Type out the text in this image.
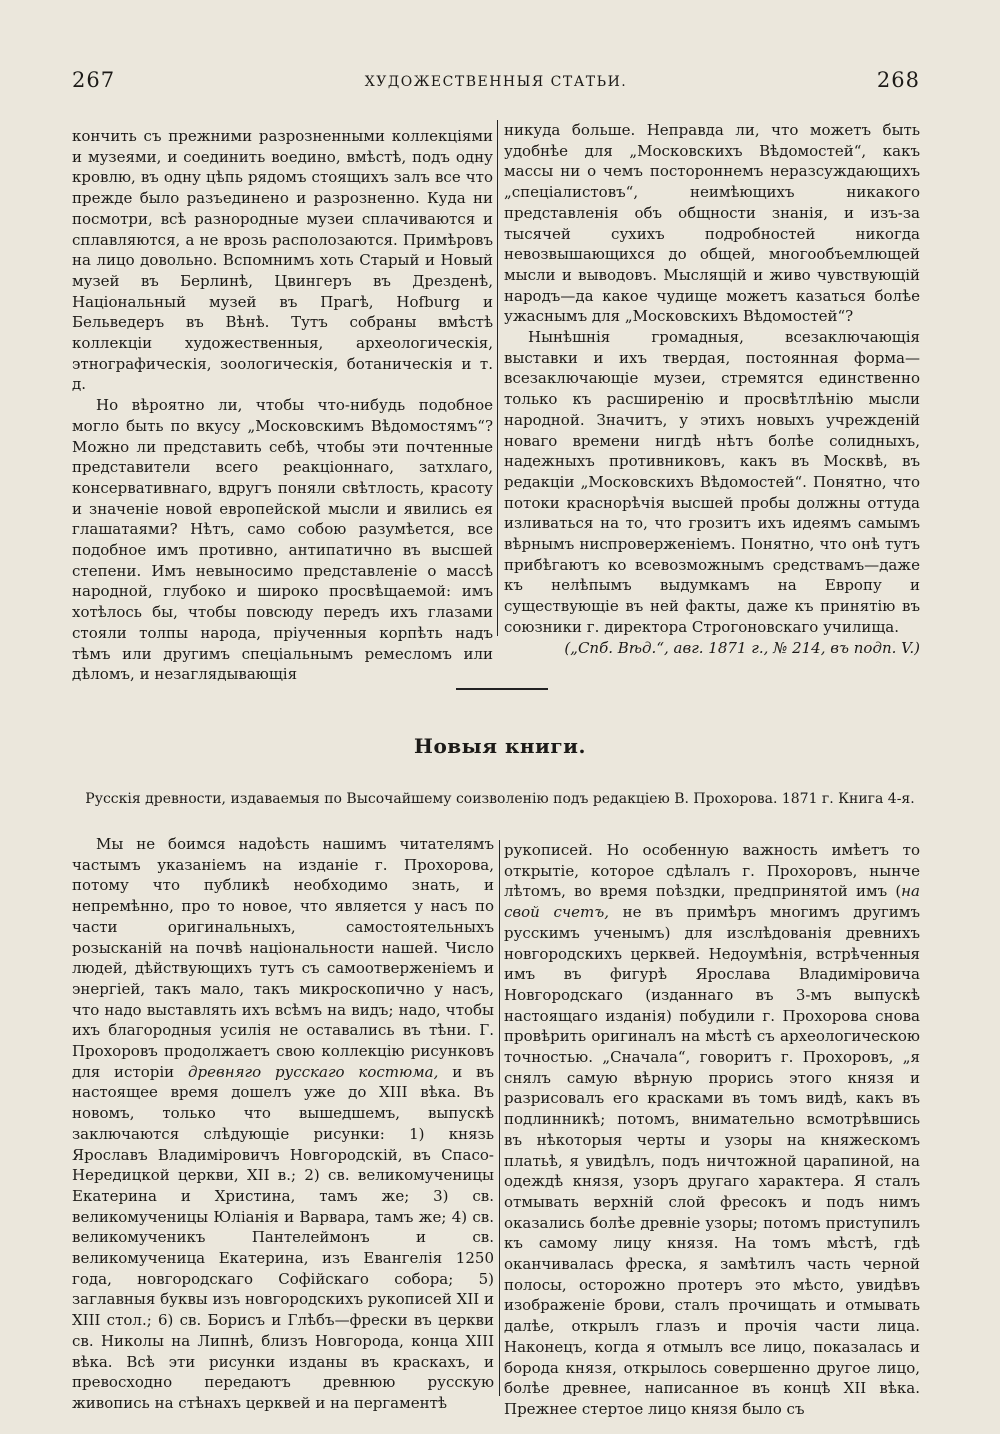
267	ХУДОЖЕСТВЕННЫЯ СТАТЬИ.	268

кончить съ прежними разрозненными коллекціями и музеями, и соединить воедино, вмѣстѣ, подъ одну кровлю, въ одну цѣпь рядомъ стоящихъ залъ все что прежде было разъединено и разрозненно. Куда ни посмотри, всѣ разнородные музеи сплачиваются и сплавляются, а не врозь располозаются. Примѣровъ на лицо довольно. Вспомнимъ хоть Старый и Новый музей въ Берлинѣ, Цвингеръ въ Дрезденѣ, Національный музей въ Прагѣ, Hofburg и Бельведеръ въ Вѣнѣ. Тутъ собраны вмѣстѣ коллекціи художественныя, археологическія, этнографическія, зоологическія, ботаническія и т. д.

Но вѣроятно ли, чтобы что-нибудь подобное могло быть по вкусу „Московскимъ Вѣдомостямъ“? Можно ли представить себѣ, чтобы эти почтенные представители всего реакціоннаго, затхлаго, консервативнаго, вдругъ поняли свѣтлость, красоту и значеніе новой европейской мысли и явились ея глашатаями? Нѣтъ, само собою разумѣется, все подобное имъ противно, антипатично въ высшей степени. Имъ невыносимо представленіе о массѣ народной, глубоко и широко просвѣщаемой: имъ хотѣлось бы, чтобы повсюду передъ ихъ глазами стояли толпы народа, пріученныя корпѣть надъ тѣмъ или другимъ спеціальнымъ ремесломъ или дѣломъ, и незаглядывающія

никуда больше. Неправда ли, что можетъ быть удобнѣе для „Московскихъ Вѣдомостей“, какъ массы ни о чемъ постороннемъ неразсуждающихъ „спеціалистовъ“, неимѣющихъ никакого представленія объ общности знанія, и изъ-за тысячей сухихъ подробностей никогда невозвышающихся до общей, многообъемлющей мысли и выводовъ. Мыслящій и живо чувствующій народъ—да какое чудище можетъ казаться болѣе ужаснымъ для „Московскихъ Вѣдомостей“?

Нынѣшнія громадныя, всезаключающія выставки и ихъ твердая, постоянная форма—всезаключающіе музеи, стремятся единственно только къ расширенію и просвѣтлѣнію мысли народной. Значитъ, у этихъ новыхъ учрежденій новаго времени нигдѣ нѣтъ болѣе солидныхъ, надежныхъ противниковъ, какъ въ Москвѣ, въ редакціи „Московскихъ Вѣдомостей“. Понятно, что потоки краснорѣчія высшей пробы должны оттуда изливаться на то, что грозитъ ихъ идеямъ самымъ вѣрнымъ ниспроверженіемъ. Понятно, что онѣ тутъ прибѣгаютъ ко всевозможнымъ средствамъ—даже къ нелѣпымъ выдумкамъ на Европу и существующіе въ ней факты, даже къ принятію въ союзники г. директора Строгоновскаго училища.

(„Спб. Вѣд.“, авг. 1871 г., № 214, въ подп. V.)

Новыя книги.
Русскія древности, издаваемыя по Высочайшему соизволенію подъ редакціею В. Прохорова. 1871 г. Книга 4-я.

Мы не боимся надоѣсть нашимъ читателямъ частымъ указаніемъ на изданіе г. Прохорова, потому что публикѣ необходимо знать, и непремѣнно, про то новое, что является у насъ по части оригинальныхъ, самостоятельныхъ розысканій на почвѣ національности нашей. Число людей, дѣйствующихъ тутъ съ самоотверженіемъ и энергіей, такъ мало, такъ микроскопично у насъ, что надо выставлять ихъ всѣмъ на видъ; надо, чтобы ихъ благородныя усилія не оставались въ тѣни. Г. Прохоровъ продолжаетъ свою коллекцію рисунковъ для исторіи древняго русскаго костюма, и въ настоящее время дошелъ уже до XIII вѣка. Въ новомъ, только что вышедшемъ, выпускѣ заключаются слѣдующіе рисунки: 1) князь Ярославъ Владиміровичъ Новгородскій, въ Спасо-Нередицкой церкви, XII в.; 2) св. великомученицы Екатерина и Христина, тамъ же; 3) св. великомученицы Юліанія и Варвара, тамъ же; 4) св. великомученикъ Пантелеймонъ и св. великомученица Екатерина, изъ Евангелія 1250 года, новгородскаго Софійскаго собора; 5) заглавныя буквы изъ новгородскихъ рукописей XII и XIII стол.; 6) св. Борисъ и Глѣбъ—фрески въ церкви св. Николы на Липнѣ, близъ Новгорода, конца XIII вѣка. Всѣ эти рисунки изданы въ краскахъ, и превосходно передаютъ древнюю русскую живопись на стѣнахъ церквей и на пергаментѣ

рукописей. Но особенную важность имѣетъ то открытіе, которое сдѣлалъ г. Прохоровъ, нынче лѣтомъ, во время поѣздки, предпринятой имъ (на свой счетъ, не въ примѣръ многимъ другимъ русскимъ ученымъ) для изслѣдованія древнихъ новгородскихъ церквей. Недоумѣнія, встрѣченныя имъ въ фигурѣ Ярослава Владиміровича Новгородскаго (изданнаго въ 3-мъ выпускѣ настоящаго изданія) побудили г. Прохорова снова провѣрить оригиналъ на мѣстѣ съ археологическою точностью. „Сначала“, говоритъ г. Прохоровъ, „я снялъ самую вѣрную прорись этого князя и разрисовалъ его красками въ томъ видѣ, какъ въ подлинникѣ; потомъ, внимательно всмотрѣвшись въ нѣкоторыя черты и узоры на княжескомъ платьѣ, я увидѣлъ, подъ ничтожной царапиной, на одеждѣ князя, узоръ другаго характера. Я сталъ отмывать верхній слой фресокъ и подъ нимъ оказались болѣе древніе узоры; потомъ приступилъ къ самому лицу князя. На томъ мѣстѣ, гдѣ оканчивалась фреска, я замѣтилъ часть черной полосы, осторожно протеръ это мѣсто, увидѣвъ изображеніе брови, сталъ прочищать и отмывать далѣе, открылъ глазъ и прочія части лица. Наконецъ, когда я отмылъ все лицо, показалась и борода князя, открылось совершенно другое лицо, болѣе древнее, написанное въ концѣ XII вѣка. Прежнее стертое лицо князя было съ
